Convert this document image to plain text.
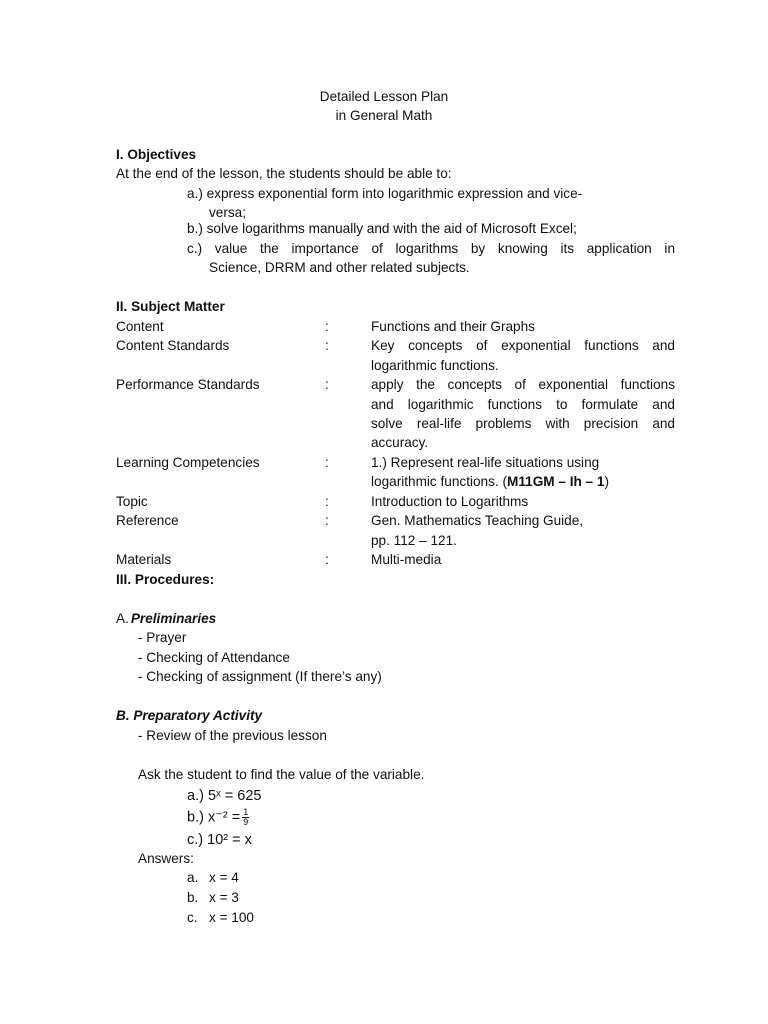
Detailed Lesson Plan
in General Math
I. Objectives
At the end of the lesson, the students should be able to:
a.) express exponential form into logarithmic expression and vice-
versa;
b.) solve logarithms manually and with the aid of Microsoft Excel;
c.) value the importance of logarithms by knowing its application in
Science, DRRM and other related subjects.
II. Subject Matter
Content	:	Functions and their Graphs
Content Standards	:	Key concepts of exponential functions and
logarithmic functions.
Performance Standards	:	apply the concepts of exponential functions
and logarithmic functions to formulate and
solve real-life problems with precision and
accuracy.
Learning Competencies	:	1.) Represent real-life situations using
logarithmic functions. (M11GM – Ih – 1)
Topic	:	Introduction to Logarithms
Reference	:	Gen. Mathematics Teaching Guide,
pp. 112 – 121.
Materials	:	Multi-media
III. Procedures:
A. Preliminaries
- Prayer
- Checking of Attendance
- Checking of assignment (If there’s any)
B. Preparatory Activity
- Review of the previous lesson
Ask the student to find the value of the variable.
a.) 5ˣ = 625
b.) $x^{-2} = \frac{1}{9}$
c.) 10² = x
Answers:
a. x = 4
b. x = 3
c. x = 100
